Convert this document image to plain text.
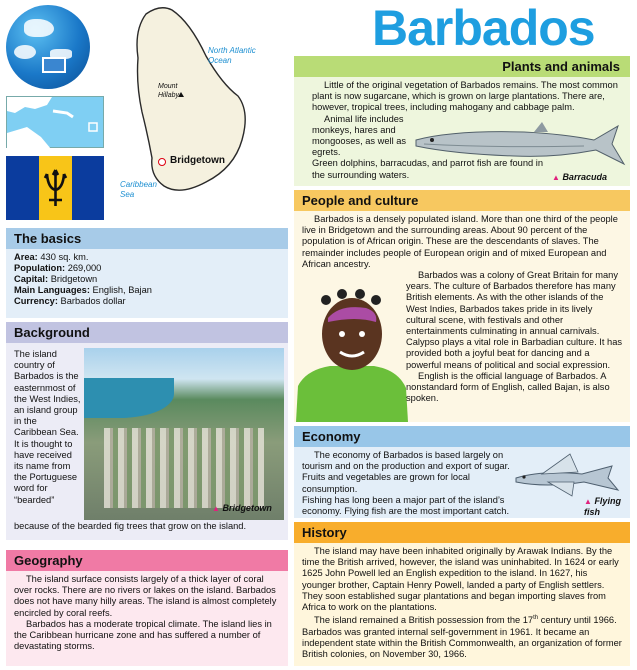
Barbados
North Atlantic Ocean
Mount Hillaby
Bridgetown
Caribbean Sea
The basics
Area: 430 sq. km.
Population: 269,000
Capital: Bridgetown
Main Languages: English, Bajan
Currency: Barbados dollar
Background
▲ Bridgetown
The island country of Barbados is the easternmost of the West Indies, an island group in the Caribbean Sea. It is thought to have received its name from the Portuguese word for “bearded”
because of the bearded fig trees that grow on the island.
Geography

The island surface consists largely of a thick layer of coral over rocks. There are no rivers or lakes on the island. Barbados does not have many hilly areas. The island is almost completely encircled by coral reefs.

Barbados has a moderate tropical climate. The island lies in the Caribbean hurricane zone and has suffered a number of devastating storms.

Plants and animals

Little of the original vegetation of Barbados remains. The most common plant is now sugarcane, which is grown on large plantations. There are, however, tropical trees, including mahogany and cabbage palm.

Animal life includes monkeys, hares and mongooses, as well as egrets.

Green dolphins, barracudas, and parrot fish are found in the surrounding waters.	▲ Barracuda
People and culture

Barbados is a densely populated island. More than one third of the people live in Bridgetown and the surrounding areas. About 90 percent of the population is of African origin. These are the descendants of slaves. The remainder includes people of European origin and of mixed European and African ancestry.

Barbados was a colony of Great Britain for many years. The culture of Barbados therefore has many British elements. As with the other islands of the West Indies, Barbados takes pride in its lively cultural scene, with festivals and other entertainments culminating in annual carnivals. Calypso plays a vital role in Barbadian culture. It has provided both a joyful beat for dancing and a powerful means of political and social expression.

English is the official language of Barbados. A nonstandard form of English, called Bajan, is also spoken.

Economy

The economy of Barbados is based largely on tourism and on the production and export of sugar. Fruits and vegetables are grown for local consumption.

Fishing has long been a major part of the island’s economy. Flying fish are the most important catch.

▲ Flying fish
History

The island may have been inhabited originally by Arawak Indians. By the time the British arrived, however, the island was uninhabited. In 1624 or early 1625 John Powell led an English expedition to the island. In 1627, his younger brother, Captain Henry Powell, landed a party of English settlers. They soon established sugar plantations and began importing slaves from Africa to work on the plantations.

The island remained a British possession from the 17th century until 1966. Barbados was granted internal self-government in 1961. It became an independent state within the British Commonwealth, an organization of former British colonies, on November 30, 1966.
